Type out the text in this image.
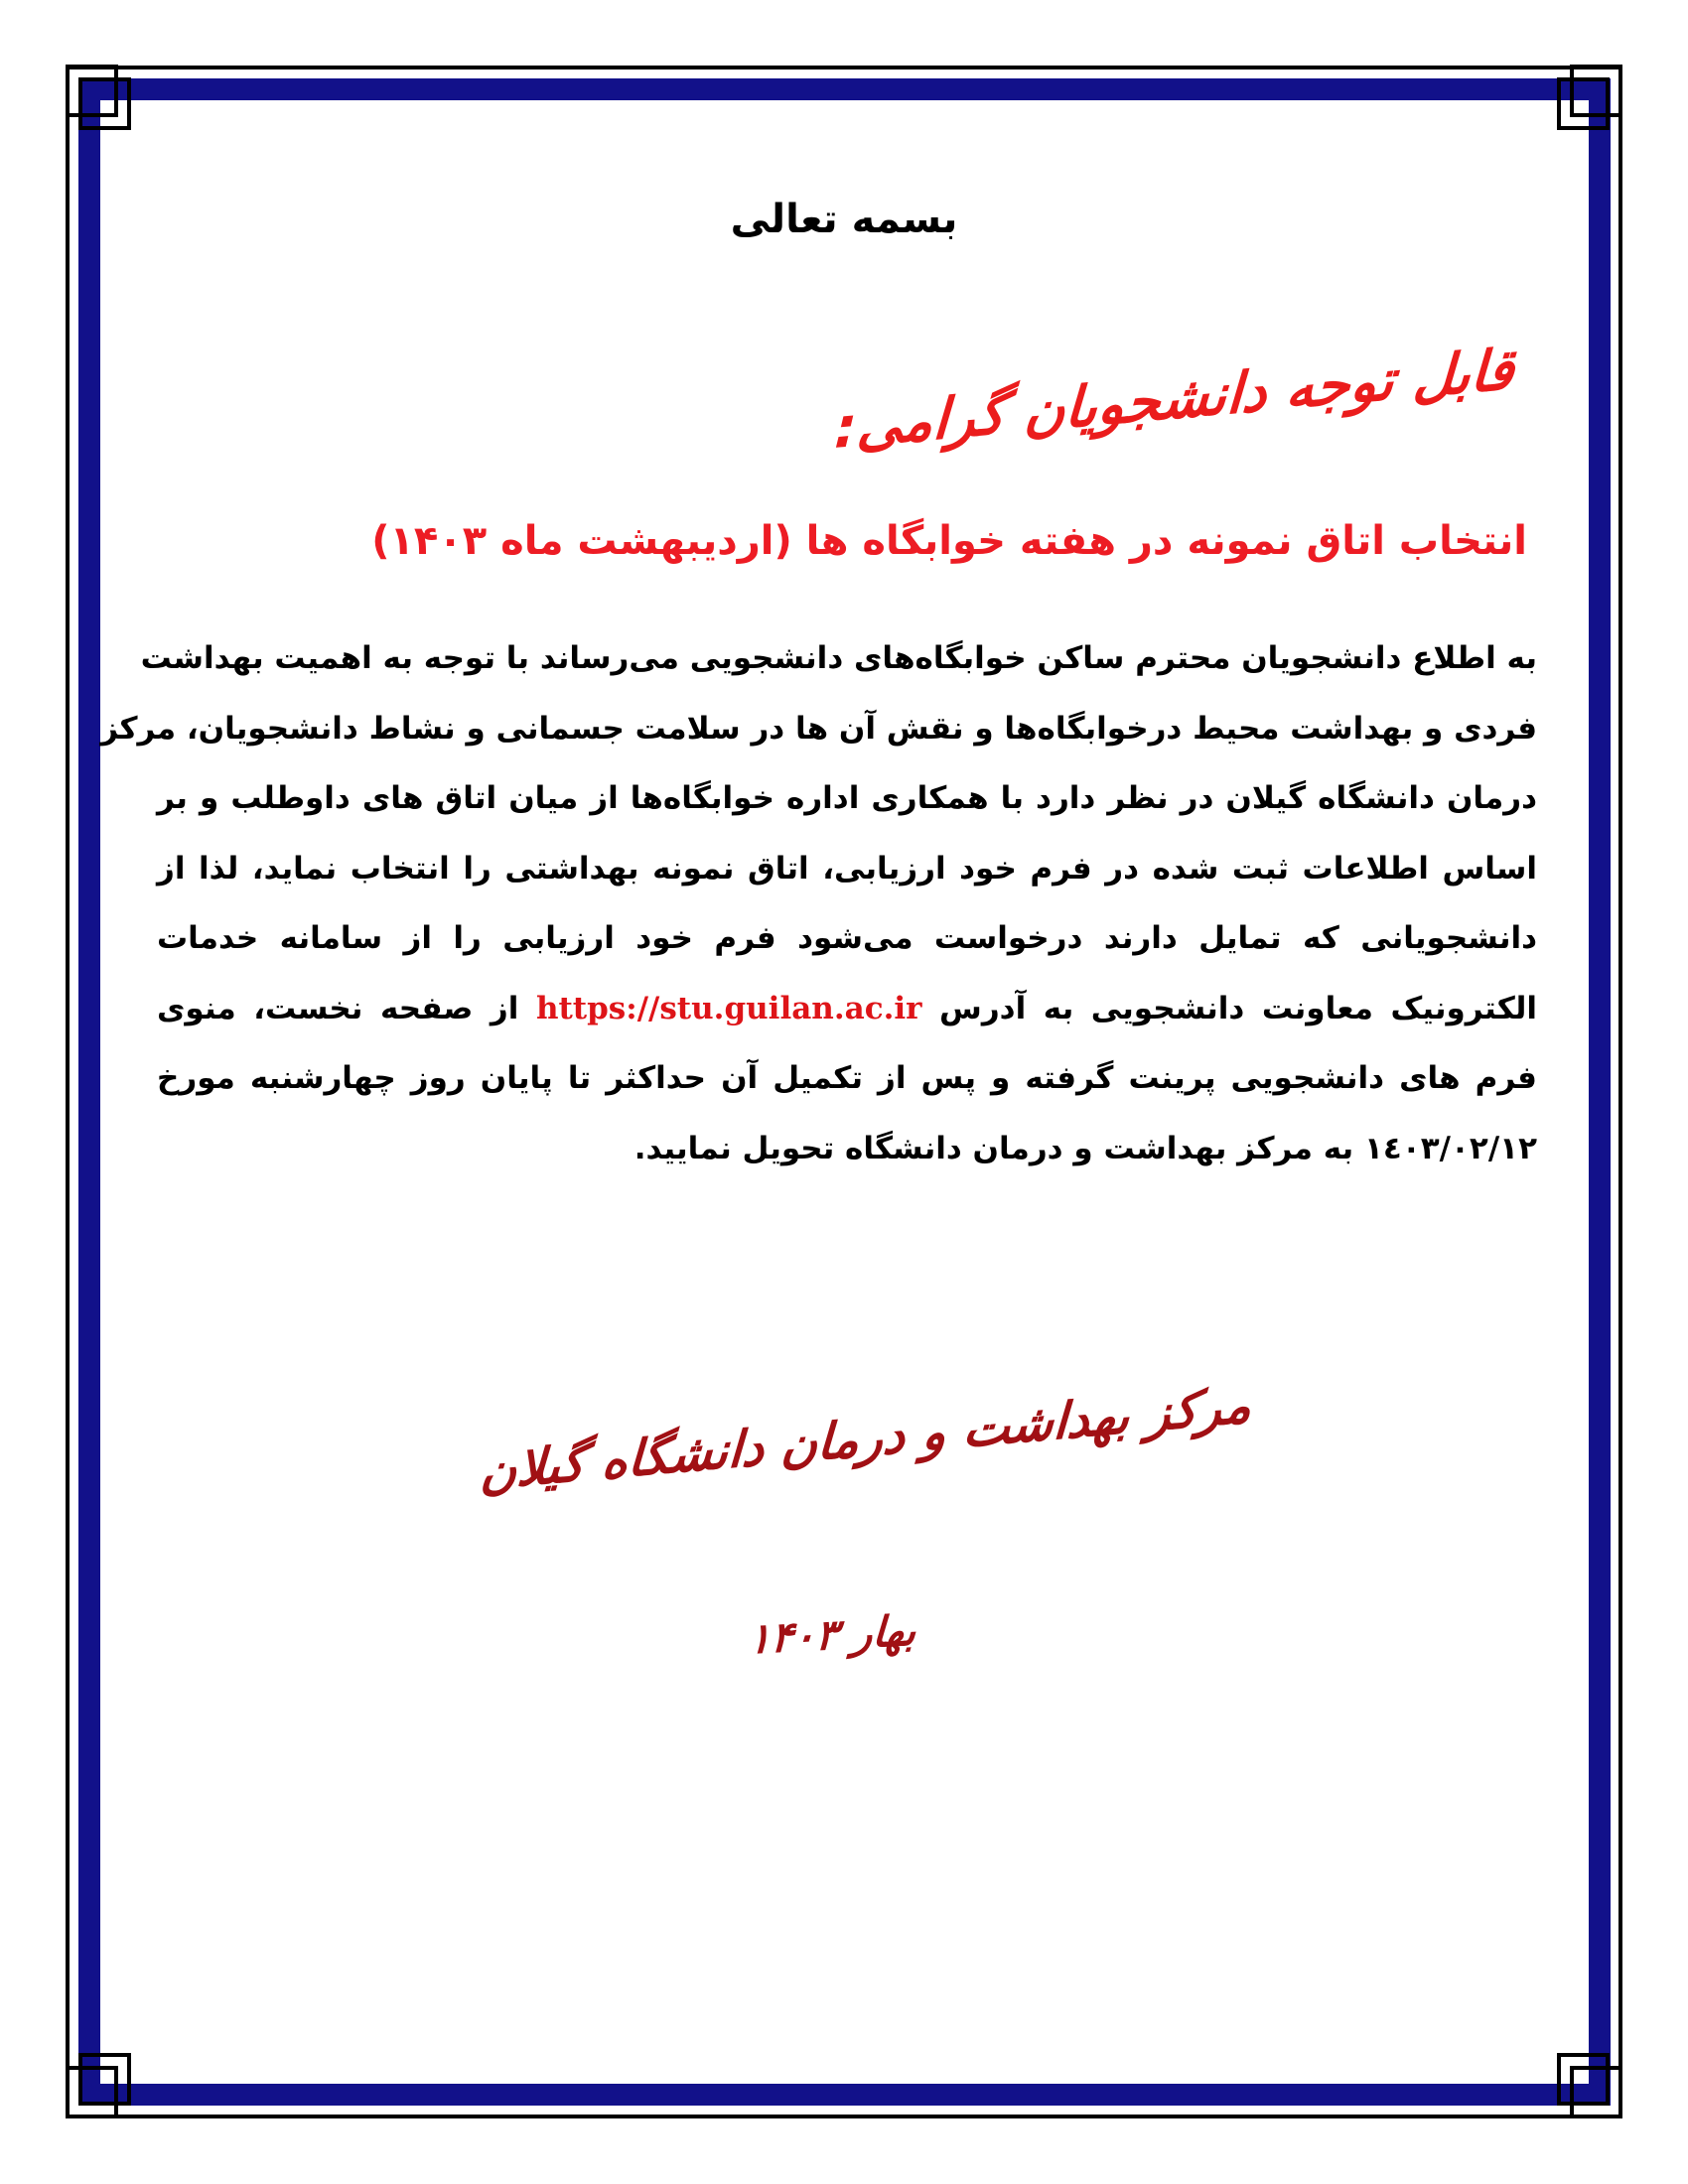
بسمه تعالی
قابل توجه دانشجویان گرامی:
انتخاب اتاق نمونه در هفته خوابگاه ها (اردیبهشت ماه ۱۴۰۳)
به اطلاع دانشجویان محترم ساکن خوابگاه‌های دانشجویی می‌رساند با توجه به اهمیت بهداشت
فردی و بهداشت محیط درخوابگاه‌ها و نقش آن ها در سلامت جسمانی و نشاط دانشجویان، مرکز
درمان دانشگاه گیلان در نظر دارد با همکاری اداره خوابگاه‌ها از میان اتاق های داوطلب و بر
اساس اطلاعات ثبت شده در فرم خود ارزیابی، اتاق نمونه بهداشتی را انتخاب نماید، لذا از
دانشجویانی که تمایل دارند درخواست می‌شود فرم خود ارزیابی را از سامانه خدمات
الکترونیک معاونت دانشجویی به آدرس https://stu.guilan.ac.ir از صفحه نخست، منوی
فرم های دانشجویی پرینت گرفته و پس از تکمیل آن حداکثر تا پایان روز چهارشنبه مورخ
١٤٠٣/٠٢/١٢ به مرکز بهداشت و درمان دانشگاه تحویل نمایید.
مرکز بهداشت و درمان دانشگاه گیلان
بهار ۱۴۰۳
